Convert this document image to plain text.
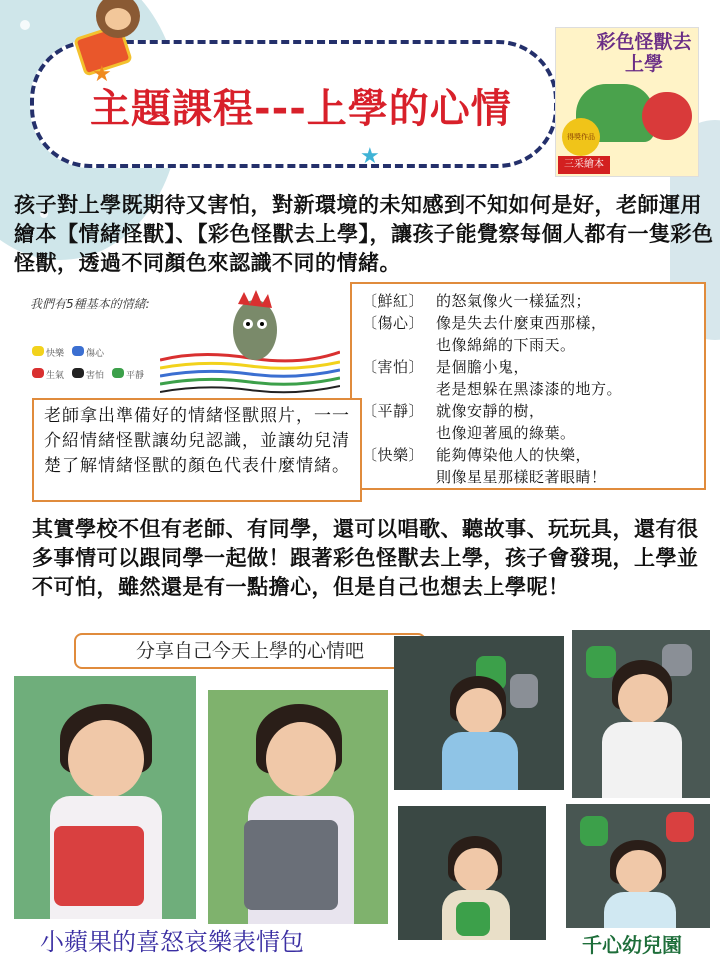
★
★
主題課程---上學的心情
彩色怪獸去上學
得獎作品
三采繪本
孩子對上學既期待又害怕，對新環境的未知感到不知如何是好，老師運用繪本【情緒怪獸】、【彩色怪獸去上學】，讓孩子能覺察每個人都有一隻彩色怪獸，透過不同顏色來認識不同的情緒。
我們有5種基本的情緒:
快樂 傷心
生氣 害怕 平靜
〔鮮紅〕 的怒氣像火一樣猛烈；
〔傷心〕 像是失去什麼東西那樣，
也像綿綿的下雨天。
〔害怕〕 是個膽小鬼，
老是想躲在黑漆漆的地方。
〔平靜〕 就像安靜的樹，
也像迎著風的綠葉。
〔快樂〕 能夠傳染他人的快樂，
則像星星那樣眨著眼睛！
老師拿出準備好的情緒怪獸照片，一一介紹情緒怪獸讓幼兒認識，並讓幼兒清楚了解情緒怪獸的顏色代表什麼情緒。
其實學校不但有老師、有同學，還可以唱歌、聽故事、玩玩具，還有很多事情可以跟同學一起做！跟著彩色怪獸去上學，孩子會發現，上學並不可怕，雖然還是有一點擔心，但是自己也想去上學呢！
分享自己今天上學的心情吧
小蘋果的喜怒哀樂表情包	千心幼兒園
